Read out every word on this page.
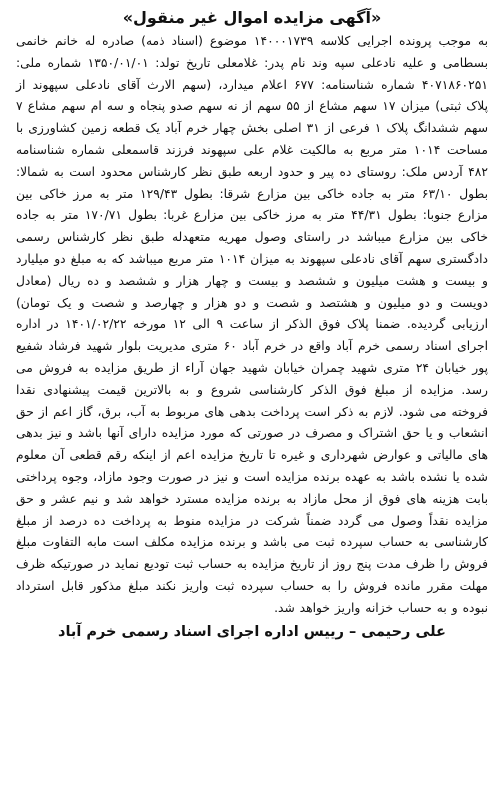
«آگهی مزایده اموال غیر منقول»

به موجب پرونده اجرایی کلاسه ۱۴۰۰۰۱۷۳۹ موضوع (اسناد ذمه) صادره له خانم خانمی بسطامی و علیه نادعلی سپه وند نام پدر: غلامعلی تاریخ تولد: ۱۳۵۰/۰۱/۰۱ شماره ملی: ۴۰۷۱۸۶۰۲۵۱ شماره شناسنامه: ۶۷۷ اعلام میدارد، (سهم الارث آقای نادعلی سپهوند از پلاک ثبتی) میزان ۱۷ سهم مشاع از ۵۵ سهم از نه سهم صدو پنجاه و سه ام سهم مشاع ۷ سهم ششدانگ پلاک ۱ فرعی از ۳۱ اصلی بخش چهار خرم آباد یک قطعه زمین کشاورزی با مساحت ۱۰۱۴ متر مربع به مالکیت غلام علی سپهوند فرزند قاسمعلی شماره شناسنامه ۴۸۲ آردس ملک: روستای ده پیر و حدود اربعه طبق نظر کارشناس محدود است به شمالا: بطول ۶۳/۱۰ متر به جاده خاکی بین مزارع شرقا: بطول ۱۲۹/۴۳ متر به مرز خاکی بین مزارع جنوبا: بطول ۴۴/۳۱ متر به مرز خاکی بین مزارع غربا: بطول ۱۷۰/۷۱ متر به جاده خاکی بین مزارع میباشد در راستای وصول مهریه متعهدله طبق نظر کارشناس رسمی دادگستری سهم آقای نادعلی سپهوند به میزان ۱۰۱۴ متر مربع میباشد که به مبلغ دو میلیارد و بیست و هشت میلیون و ششصد و بیست و چهار هزار و ششصد و ده ریال (معادل دویست و دو میلیون و هشتصد و شصت و دو هزار و چهارصد و شصت و یک تومان) ارزیابی گردیده. ضمنا پلاک فوق الذکر از ساعت ۹ الی ۱۲ مورخه ۱۴۰۱/۰۲/۲۲ در اداره اجرای اسناد رسمی خرم آباد واقع در خرم آباد ۶۰ متری مدیریت بلوار شهید فرشاد شفیع پور خیابان ۲۴ متری شهید چمران خیابان شهید جهان آراء از طریق مزایده به فروش می رسد. مزایده از مبلغ فوق الذکر کارشناسی شروع و به بالاترین قیمت پیشنهادی نقدا فروخته می شود. لازم به ذکر است پرداخت بدهی های مربوط به آب، برق، گاز اعم از حق انشعاب و یا حق اشتراک و مصرف در صورتی که مورد مزایده دارای آنها باشد و نیز بدهی های مالیاتی و عوارض شهرداری و غیره تا تاریخ مزایده اعم از اینکه رقم قطعی آن معلوم شده یا نشده باشد به عهده برنده مزایده است و نیز در صورت وجود مازاد، وجوه پرداختی بابت هزینه های فوق از محل مازاد به برنده مزایده مسترد خواهد شد و نیم عشر و حق مزایده نقداً وصول می گردد ضمناً شرکت در مزایده منوط به پرداخت ده درصد از مبلغ کارشناسی به حساب سپرده ثبت می باشد و برنده مزایده مکلف است مابه التفاوت مبلغ فروش را ظرف مدت پنج روز از تاریخ مزایده به حساب ثبت تودیع نماید در صورتیکه ظرف مهلت مقرر مانده فروش را به حساب سپرده ثبت واریز نکند مبلغ مذکور قابل استرداد نبوده و به حساب خزانه واریز خواهد شد.

علی رحیمی – رییس اداره اجرای اسناد رسمی خرم آباد
